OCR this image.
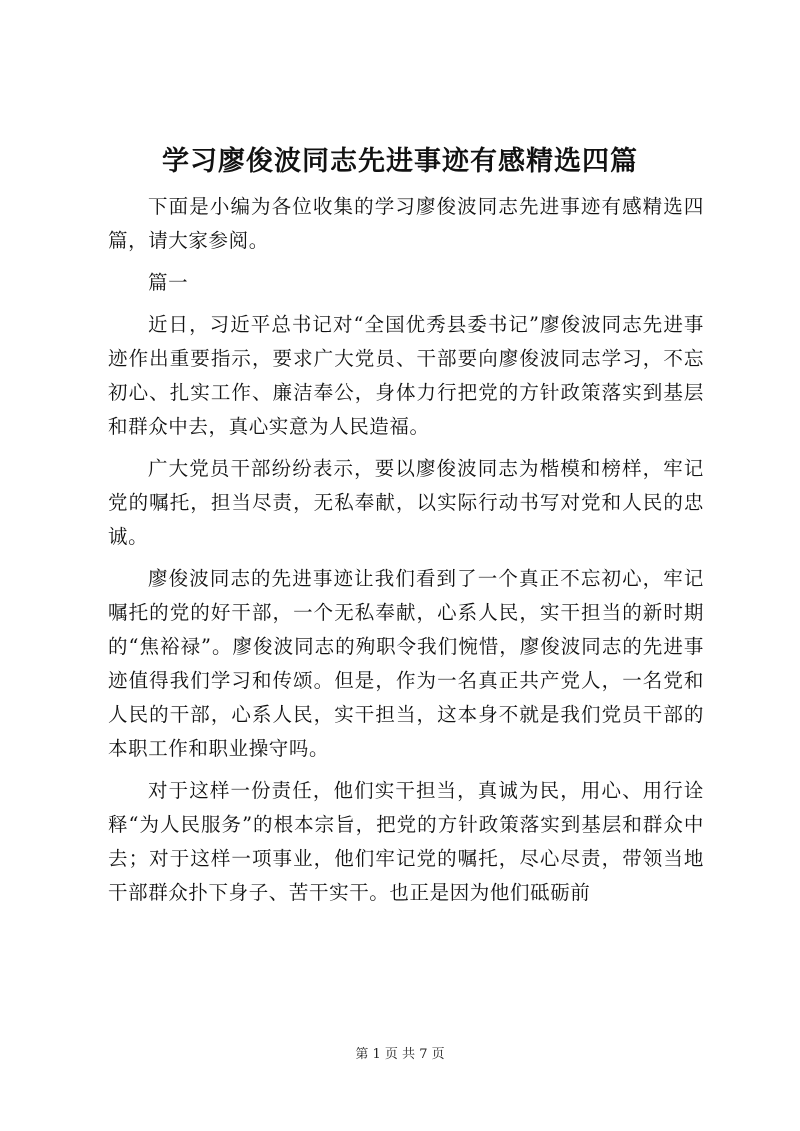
学习廖俊波同志先进事迹有感精选四篇

下面是小编为各位收集的学习廖俊波同志先进事迹有感精选四篇，请大家参阅。

篇一

近日，习近平总书记对“全国优秀县委书记”廖俊波同志先进事迹作出重要指示，要求广大党员、干部要向廖俊波同志学习，不忘初心、扎实工作、廉洁奉公，身体力行把党的方针政策落实到基层和群众中去，真心实意为人民造福。

广大党员干部纷纷表示，要以廖俊波同志为楷模和榜样，牢记党的嘱托，担当尽责，无私奉献，以实际行动书写对党和人民的忠诚。

廖俊波同志的先进事迹让我们看到了一个真正不忘初心，牢记嘱托的党的好干部，一个无私奉献，心系人民，实干担当的新时期的“焦裕禄”。廖俊波同志的殉职令我们惋惜，廖俊波同志的先进事迹值得我们学习和传颂。但是，作为一名真正共产党人，一名党和人民的干部，心系人民，实干担当，这本身不就是我们党员干部的本职工作和职业操守吗。

对于这样一份责任，他们实干担当，真诚为民，用心、用行诠释“为人民服务”的根本宗旨，把党的方针政策落实到基层和群众中去；对于这样一项事业，他们牢记党的嘱托，尽心尽责，带领当地干部群众扑下身子、苦干实干。也正是因为他们砥砺前

第 1 页 共 7 页
